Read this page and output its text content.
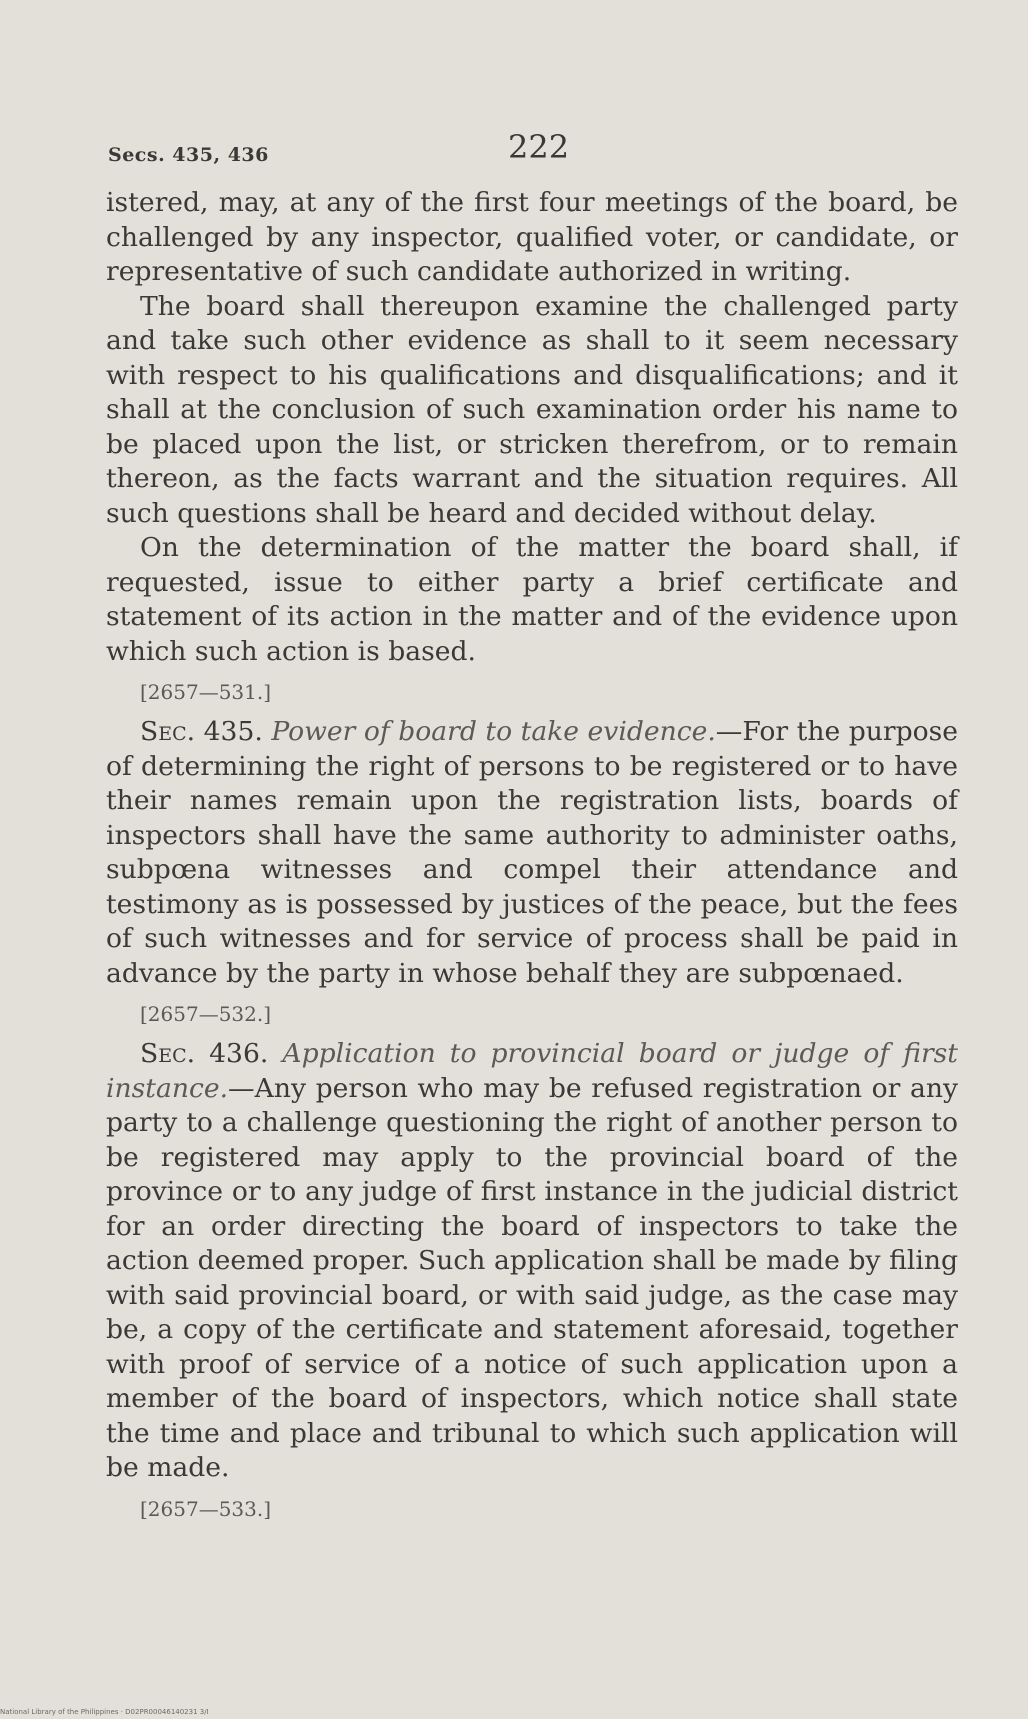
Secs. 435, 436	222

istered, may, at any of the first four meetings of the board, be challenged by any inspector, qualified voter, or candidate, or representative of such candidate authorized in writing.

The board shall thereupon examine the challenged party and take such other evidence as shall to it seem necessary with respect to his qualifications and disqualifications; and it shall at the conclusion of such examination order his name to be placed upon the list, or stricken therefrom, or to remain thereon, as the facts warrant and the situation requires. All such questions shall be heard and decided without delay.

On the determination of the matter the board shall, if requested, issue to either party a brief certificate and statement of its action in the matter and of the evidence upon which such action is based.

[2657—531.]

Sec. 435. Power of board to take evidence.—For the purpose of determining the right of persons to be registered or to have their names remain upon the registration lists, boards of inspectors shall have the same authority to administer oaths, subpœna witnesses and compel their attendance and testimony as is possessed by justices of the peace, but the fees of such witnesses and for service of process shall be paid in advance by the party in whose behalf they are subpœnaed.

[2657—532.]

Sec. 436. Application to provincial board or judge of first instance.—Any person who may be refused registration or any party to a challenge questioning the right of another person to be registered may apply to the provincial board of the province or to any judge of first instance in the judicial district for an order directing the board of inspectors to take the action deemed proper. Such application shall be made by filing with said provincial board, or with said judge, as the case may be, a copy of the certificate and statement aforesaid, together with proof of service of a notice of such application upon a member of the board of inspectors, which notice shall state the time and place and tribunal to which such application will be made.

[2657—533.]
National Library of the Philippines · D02PR00046140231 3/I
